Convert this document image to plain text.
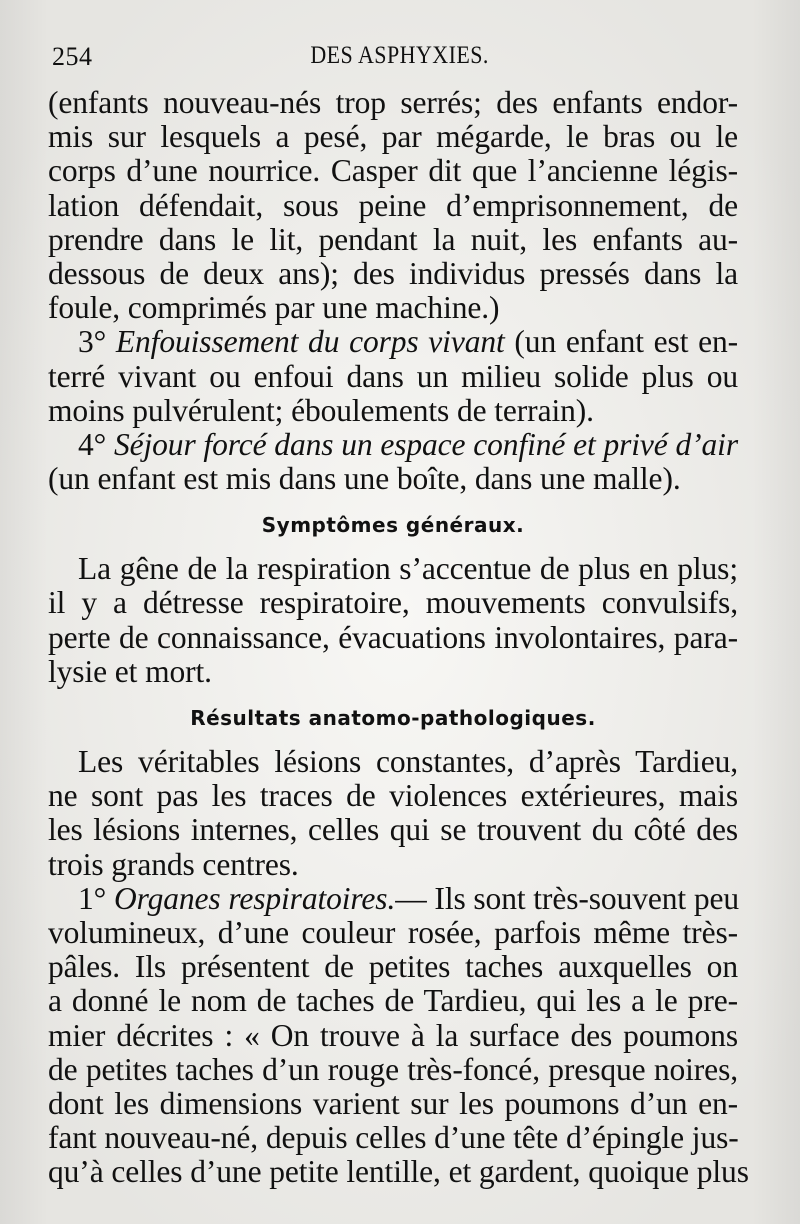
254	DES ASPHYXIES.
(enfants nouveau-nés trop serrés; des enfants endor-
mis sur lesquels a pesé, par mégarde, le bras ou le
corps d’une nourrice. Casper dit que l’ancienne légis-
lation défendait, sous peine d’emprisonnement, de
prendre dans le lit, pendant la nuit, les enfants au-
dessous de deux ans); des individus pressés dans la
foule, comprimés par une machine.)
3° Enfouissement du corps vivant (un enfant est en-
terré vivant ou enfoui dans un milieu solide plus ou
moins pulvérulent; éboulements de terrain).
4° Séjour forcé dans un espace confiné et privé d’air
(un enfant est mis dans une boîte, dans une malle).
Symptômes généraux.
La gêne de la respiration s’accentue de plus en plus;
il y a détresse respiratoire, mouvements convulsifs,
perte de connaissance, évacuations involontaires, para-
lysie et mort.
Résultats anatomo-pathologiques.
Les véritables lésions constantes, d’après Tardieu,
ne sont pas les traces de violences extérieures, mais
les lésions internes, celles qui se trouvent du côté des
trois grands centres.
1° Organes respiratoires.— Ils sont très-souvent peu
volumineux, d’une couleur rosée, parfois même très-
pâles. Ils présentent de petites taches auxquelles on
a donné le nom de taches de Tardieu, qui les a le pre-
mier décrites : « On trouve à la surface des poumons
de petites taches d’un rouge très-foncé, presque noires,
dont les dimensions varient sur les poumons d’un en-
fant nouveau-né, depuis celles d’une tête d’épingle jus-
qu’à celles d’une petite lentille, et gardent, quoique plus
